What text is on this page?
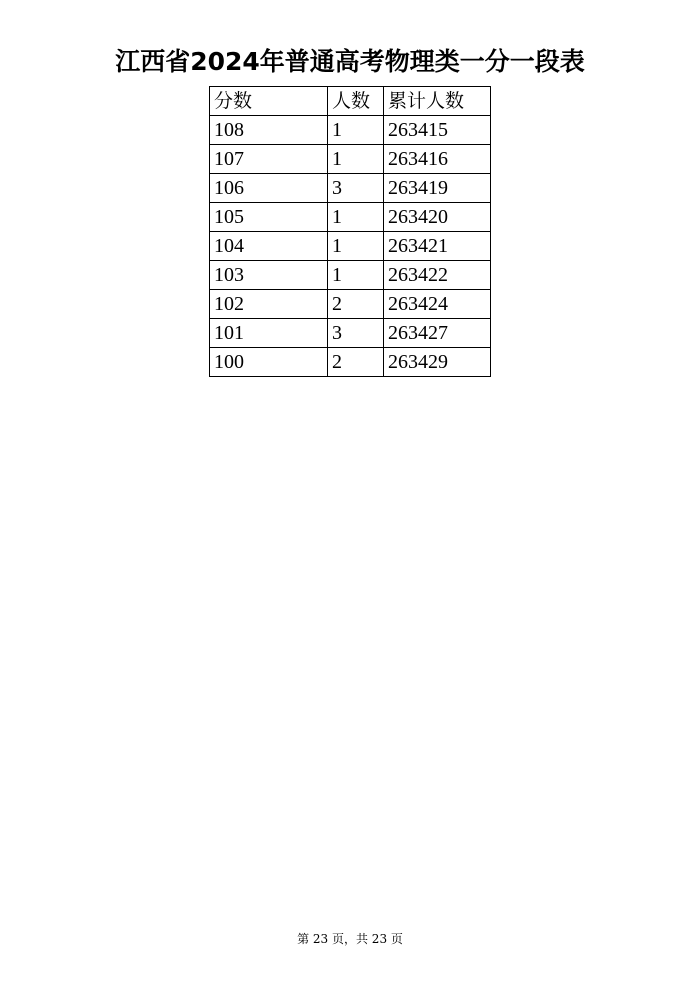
江西省2024年普通高考物理类一分一段表
分数	人数	累计人数
108	1	263415
107	1	263416
106	3	263419
105	1	263420
104	1	263421
103	1	263422
102	2	263424
101	3	263427
100	2	263429
第 23 页，共 23 页
